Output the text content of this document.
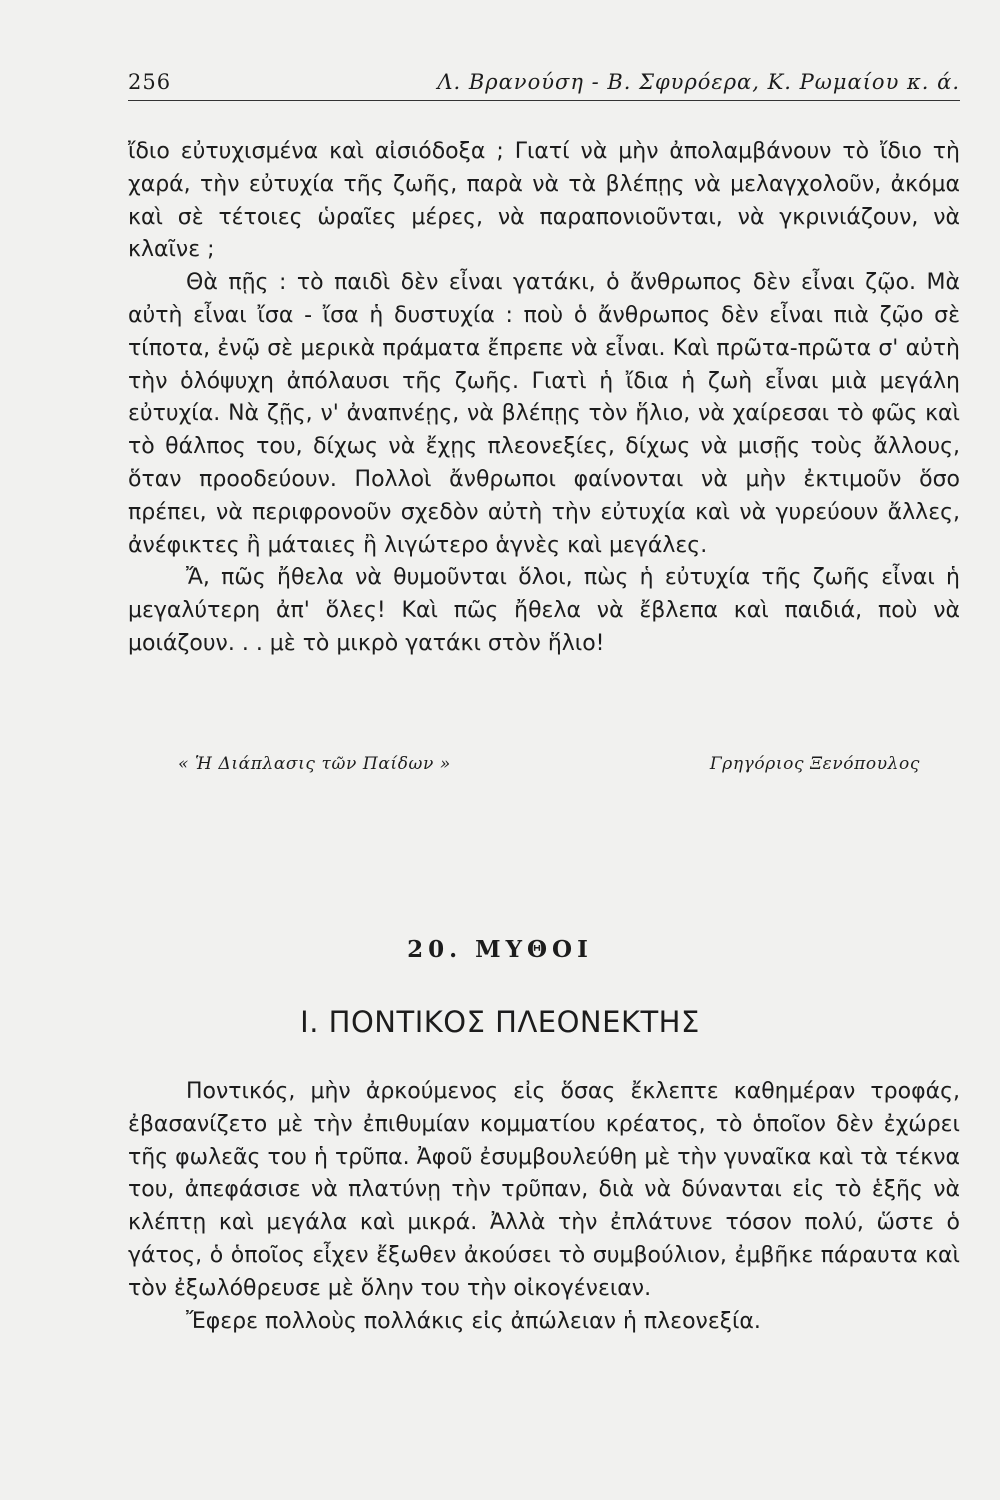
256	Λ. Βρανούση - Β. Σφυρόερα, Κ. Ρωμαίου κ. ά.

ἴδιο εὐτυχισμένα καὶ αἰσιόδοξα ; Γιατί νὰ μὴν ἀπολαμβάνουν τὸ ἴδιο τὴ χαρά, τὴν εὐτυχία τῆς ζωῆς, παρὰ νὰ τὰ βλέπῃς νὰ μελαγχολοῦν, ἀκόμα καὶ σὲ τέτοιες ὡραῖες μέρες, νὰ παραπονιοῦνται, νὰ γκρινιάζουν, νὰ κλαῖνε ;

Θὰ πῇς : τὸ παιδὶ δὲν εἶναι γατάκι, ὁ ἄνθρωπος δὲν εἶναι ζῷο. Μὰ αὐτὴ εἶναι ἴσα - ἴσα ἡ δυστυχία : ποὺ ὁ ἄνθρωπος δὲν εἶναι πιὰ ζῷο σὲ τίποτα, ἐνῷ σὲ μερικὰ πράματα ἔπρεπε νὰ εἶναι. Καὶ πρῶτα-πρῶτα σ' αὐτὴ τὴν ὁλόψυχη ἀπόλαυσι τῆς ζωῆς. Γιατὶ ἡ ἴδια ἡ ζωὴ εἶναι μιὰ μεγάλη εὐτυχία. Νὰ ζῇς, ν' ἀναπνέῃς, νὰ βλέπῃς τὸν ἥλιο, νὰ χαίρεσαι τὸ φῶς καὶ τὸ θάλπος του, δίχως νὰ ἔχῃς πλεονεξίες, δίχως νὰ μισῇς τοὺς ἄλλους, ὅταν προοδεύουν. Πολλοὶ ἄνθρωποι φαίνονται νὰ μὴν ἐκτιμοῦν ὅσο πρέπει, νὰ περιφρονοῦν σχεδὸν αὐτὴ τὴν εὐτυχία καὶ νὰ γυρεύουν ἄλλες, ἀνέφικτες ἢ μάταιες ἢ λιγώτερο ἁγνὲς καὶ μεγάλες.

Ἄ, πῶς ἤθελα νὰ θυμοῦνται ὅλοι, πὼς ἡ εὐτυχία τῆς ζωῆς εἶναι ἡ μεγαλύτερη ἀπ' ὅλες! Καὶ πῶς ἤθελα νὰ ἔβλεπα καὶ παιδιά, ποὺ νὰ μοιάζουν. . . μὲ τὸ μικρὸ γατάκι στὸν ἥλιο!

« Ἡ Διάπλασις τῶν Παίδων »	Γρηγόριος Ξενόπουλος
20. ΜΥΘΟΙ
Ι. ΠΟΝΤΙΚΟΣ ΠΛΕΟΝΕΚΤΗΣ

Ποντικός, μὴν ἀρκούμενος εἰς ὅσας ἔκλεπτε καθημέραν τροφάς, ἐβασανίζετο μὲ τὴν ἐπιθυμίαν κομματίου κρέατος, τὸ ὁποῖον δὲν ἐχώρει τῆς φωλεᾶς του ἡ τρῦπα. Ἀφοῦ ἐσυμβουλεύθη μὲ τὴν γυναῖκα καὶ τὰ τέκνα του, ἀπεφάσισε νὰ πλατύνῃ τὴν τρῦπαν, διὰ νὰ δύνανται εἰς τὸ ἑξῆς νὰ κλέπτῃ καὶ μεγάλα καὶ μικρά. Ἀλλὰ τὴν ἐπλάτυνε τόσον πολύ, ὥστε ὁ γάτος, ὁ ὁποῖος εἶχεν ἔξωθεν ἀκούσει τὸ συμβούλιον, ἐμβῆκε πάραυτα καὶ τὸν ἐξωλόθρευσε μὲ ὅλην του τὴν οἰκογένειαν.

Ἔφερε πολλοὺς πολλάκις εἰς ἀπώλειαν ἡ πλεονεξία.
